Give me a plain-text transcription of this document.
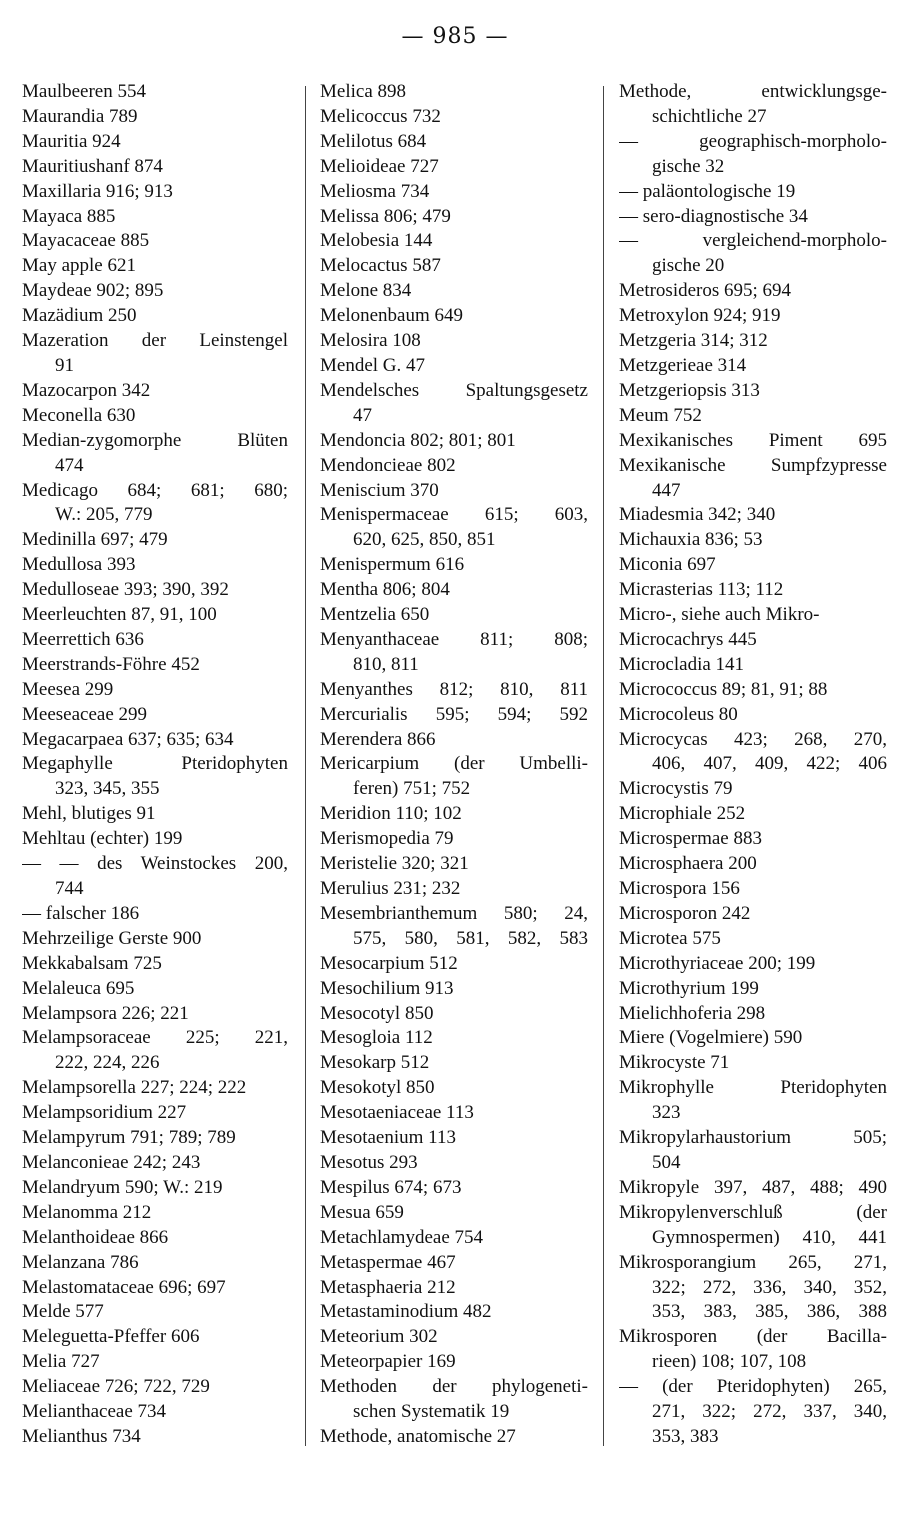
— 985 —
Maulbeeren 554
Maurandia 789
Mauritia 924
Mauritiushanf 874
Maxillaria 916; 913
Mayaca 885
Mayacaceae 885
May apple 621
Maydeae 902; 895
Mazädium 250
Mazeration der Leinstengel
91
Mazocarpon 342
Meconella 630
Median-zygomorphe Blüten
474
Medicago 684; 681; 680;
W.: 205, 779
Medinilla 697; 479
Medullosa 393
Medulloseae 393; 390, 392
Meerleuchten 87, 91, 100
Meerrettich 636
Meerstrands-Föhre 452
Meesea 299
Meeseaceae 299
Megacarpaea 637; 635; 634
Megaphylle Pteridophyten
323, 345, 355
Mehl, blutiges 91
Mehltau (echter) 199
— — des Weinstockes 200,
744
— falscher 186
Mehrzeilige Gerste 900
Mekkabalsam 725
Melaleuca 695
Melampsora 226; 221
Melampsoraceae 225; 221,
222, 224, 226
Melampsorella 227; 224; 222
Melampsoridium 227
Melampyrum 791; 789; 789
Melanconieae 242; 243
Melandryum 590; W.: 219
Melanomma 212
Melanthoideae 866
Melanzana 786
Melastomataceae 696; 697
Melde 577
Meleguetta-Pfeffer 606
Melia 727
Meliaceae 726; 722, 729
Melianthaceae 734
Melianthus 734
Melica 898
Melicoccus 732
Melilotus 684
Melioideae 727
Meliosma 734
Melissa 806; 479
Melobesia 144
Melocactus 587
Melone 834
Melonenbaum 649
Melosira 108
Mendel G. 47
Mendelsches Spaltungsgesetz
47
Mendoncia 802; 801; 801
Mendoncieae 802
Meniscium 370
Menispermaceae 615; 603,
620, 625, 850, 851
Menispermum 616
Mentha 806; 804
Mentzelia 650
Menyanthaceae 811; 808;
810, 811
Menyanthes 812; 810, 811
Mercurialis 595; 594; 592
Merendera 866
Mericarpium (der Umbelli-
feren) 751; 752
Meridion 110; 102
Merismopedia 79
Meristelie 320; 321
Merulius 231; 232
Mesembrianthemum 580; 24,
575, 580, 581, 582, 583
Mesocarpium 512
Mesochilium 913
Mesocotyl 850
Mesogloia 112
Mesokarp 512
Mesokotyl 850
Mesotaeniaceae 113
Mesotaenium 113
Mesotus 293
Mespilus 674; 673
Mesua 659
Metachlamydeae 754
Metaspermae 467
Metasphaeria 212
Metastaminodium 482
Meteorium 302
Meteorpapier 169
Methoden der phylogeneti-
schen Systematik 19
Methode, anatomische 27
Methode, entwicklungsge-
schichtliche 27
— geographisch-morpholo-
gische 32
— paläontologische 19
— sero-diagnostische 34
— vergleichend-morpholo-
gische 20
Metrosideros 695; 694
Metroxylon 924; 919
Metzgeria 314; 312
Metzgerieae 314
Metzgeriopsis 313
Meum 752
Mexikanisches Piment 695
Mexikanische Sumpfzypresse
447
Miadesmia 342; 340
Michauxia 836; 53
Miconia 697
Micrasterias 113; 112
Micro-, siehe auch Mikro-
Microcachrys 445
Microcladia 141
Micrococcus 89; 81, 91; 88
Microcoleus 80
Microcycas 423; 268, 270,
406, 407, 409, 422; 406
Microcystis 79
Microphiale 252
Microspermae 883
Microsphaera 200
Microspora 156
Microsporon 242
Microtea 575
Microthyriaceae 200; 199
Microthyrium 199
Mielichhoferia 298
Miere (Vogelmiere) 590
Mikrocyste 71
Mikrophylle Pteridophyten
323
Mikropylarhaustorium 505;
504
Mikropyle 397, 487, 488; 490
Mikropylenverschluß (der
Gymnospermen) 410, 441
Mikrosporangium 265, 271,
322; 272, 336, 340, 352,
353, 383, 385, 386, 388
Mikrosporen (der Bacilla-
rieen) 108; 107, 108
— (der Pteridophyten) 265,
271, 322; 272, 337, 340,
353, 383
